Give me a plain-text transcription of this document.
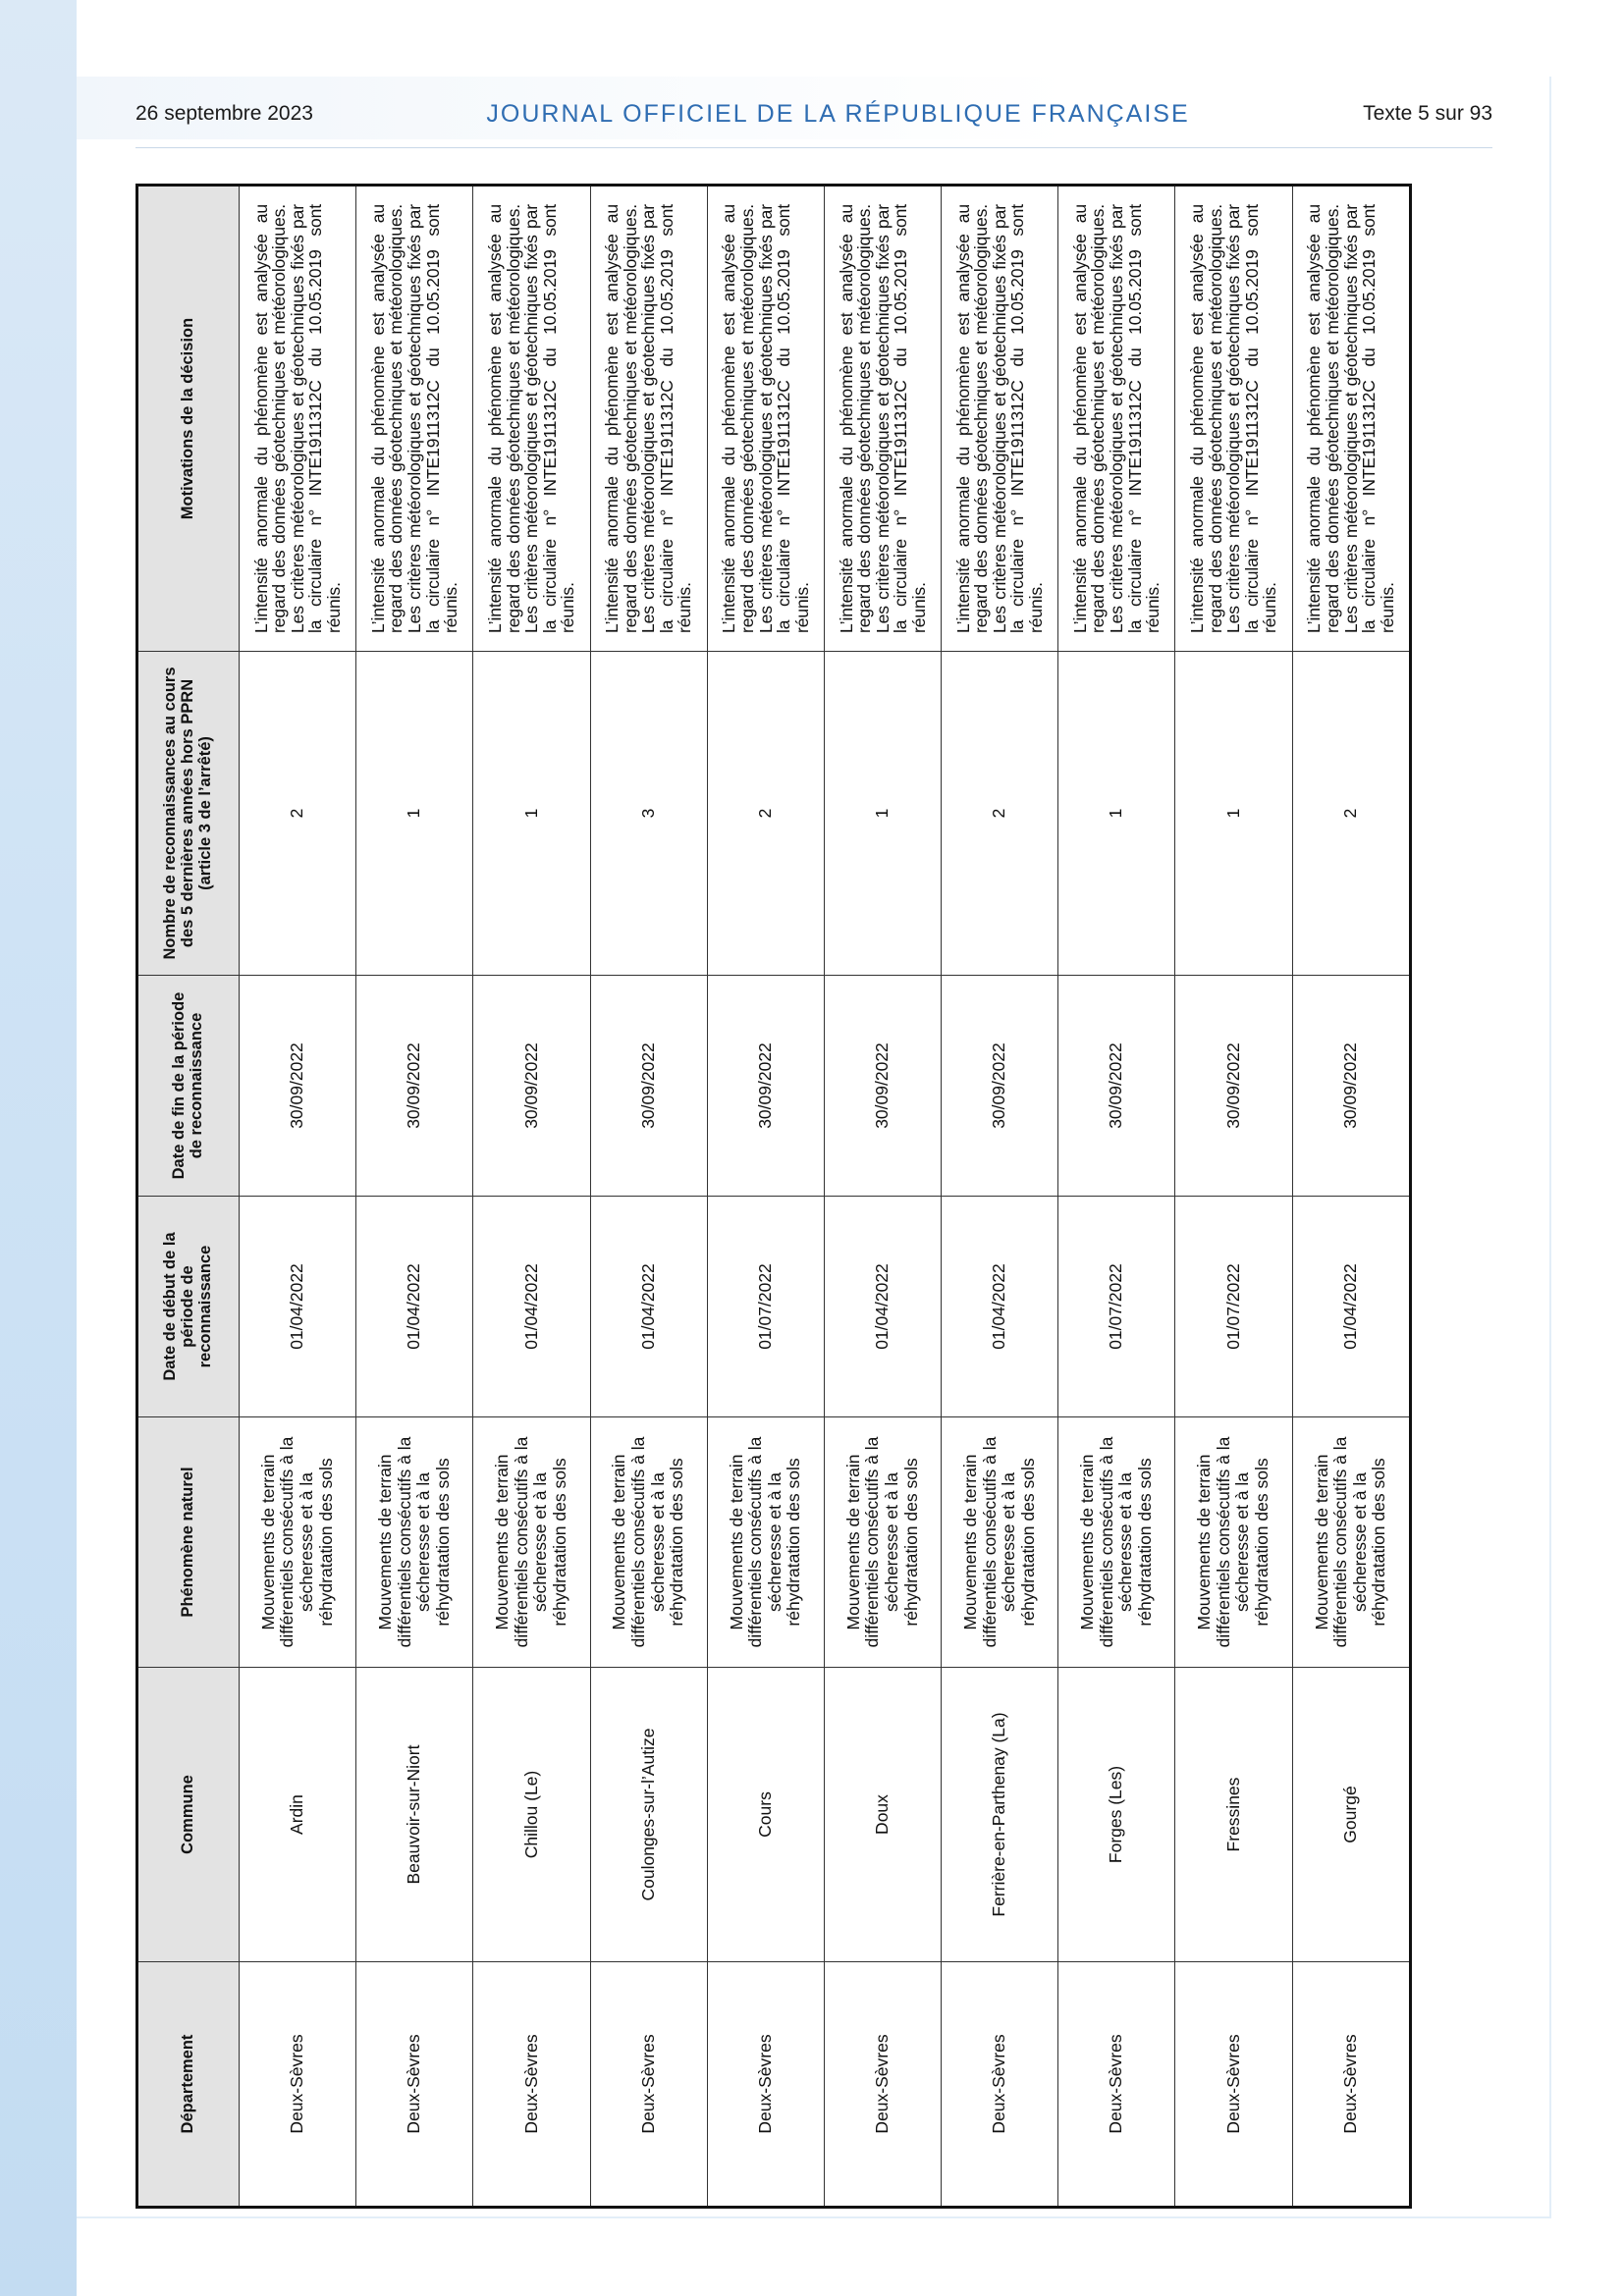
26 septembre 2023	JOURNAL OFFICIEL DE LA RÉPUBLIQUE FRANÇAISE	Texte 5 sur 93
Département	Commune	Phénomène naturel	Date de début de la période de reconnaissance	Date de fin de la période de reconnaissance	Nombre de reconnaissances au cours des 5 dernières années hors PPRN (article 3 de l’arrêté)	Motivations de la décision
Deux-Sèvres	Ardin	Mouvements de terrain différentiels consécutifs à la sécheresse et à la réhydratation des sols	01/04/2022	30/09/2022	2	L’intensité anormale du phénomène est analysée au regard des données géotechniques et météorologiques. Les critères météorologiques et géotechniques fixés par la circulaire n° INTE1911312C du 10.05.2019 sont réunis.
Deux-Sèvres	Beauvoir-sur-Niort	Mouvements de terrain différentiels consécutifs à la sécheresse et à la réhydratation des sols	01/04/2022	30/09/2022	1	L’intensité anormale du phénomène est analysée au regard des données géotechniques et météorologiques. Les critères météorologiques et géotechniques fixés par la circulaire n° INTE1911312C du 10.05.2019 sont réunis.
Deux-Sèvres	Chillou (Le)	Mouvements de terrain différentiels consécutifs à la sécheresse et à la réhydratation des sols	01/04/2022	30/09/2022	1	L’intensité anormale du phénomène est analysée au regard des données géotechniques et météorologiques. Les critères météorologiques et géotechniques fixés par la circulaire n° INTE1911312C du 10.05.2019 sont réunis.
Deux-Sèvres	Coulonges-sur-l’Autize	Mouvements de terrain différentiels consécutifs à la sécheresse et à la réhydratation des sols	01/04/2022	30/09/2022	3	L’intensité anormale du phénomène est analysée au regard des données géotechniques et météorologiques. Les critères météorologiques et géotechniques fixés par la circulaire n° INTE1911312C du 10.05.2019 sont réunis.
Deux-Sèvres	Cours	Mouvements de terrain différentiels consécutifs à la sécheresse et à la réhydratation des sols	01/07/2022	30/09/2022	2	L’intensité anormale du phénomène est analysée au regard des données géotechniques et météorologiques. Les critères météorologiques et géotechniques fixés par la circulaire n° INTE1911312C du 10.05.2019 sont réunis.
Deux-Sèvres	Doux	Mouvements de terrain différentiels consécutifs à la sécheresse et à la réhydratation des sols	01/04/2022	30/09/2022	1	L’intensité anormale du phénomène est analysée au regard des données géotechniques et météorologiques. Les critères météorologiques et géotechniques fixés par la circulaire n° INTE1911312C du 10.05.2019 sont réunis.
Deux-Sèvres	Ferrière-en-Parthenay (La)	Mouvements de terrain différentiels consécutifs à la sécheresse et à la réhydratation des sols	01/04/2022	30/09/2022	2	L’intensité anormale du phénomène est analysée au regard des données géotechniques et météorologiques. Les critères météorologiques et géotechniques fixés par la circulaire n° INTE1911312C du 10.05.2019 sont réunis.
Deux-Sèvres	Forges (Les)	Mouvements de terrain différentiels consécutifs à la sécheresse et à la réhydratation des sols	01/07/2022	30/09/2022	1	L’intensité anormale du phénomène est analysée au regard des données géotechniques et météorologiques. Les critères météorologiques et géotechniques fixés par la circulaire n° INTE1911312C du 10.05.2019 sont réunis.
Deux-Sèvres	Fressines	Mouvements de terrain différentiels consécutifs à la sécheresse et à la réhydratation des sols	01/07/2022	30/09/2022	1	L’intensité anormale du phénomène est analysée au regard des données géotechniques et météorologiques. Les critères météorologiques et géotechniques fixés par la circulaire n° INTE1911312C du 10.05.2019 sont réunis.
Deux-Sèvres	Gourgé	Mouvements de terrain différentiels consécutifs à la sécheresse et à la réhydratation des sols	01/04/2022	30/09/2022	2	L’intensité anormale du phénomène est analysée au regard des données géotechniques et météorologiques. Les critères météorologiques et géotechniques fixés par la circulaire n° INTE1911312C du 10.05.2019 sont réunis.
